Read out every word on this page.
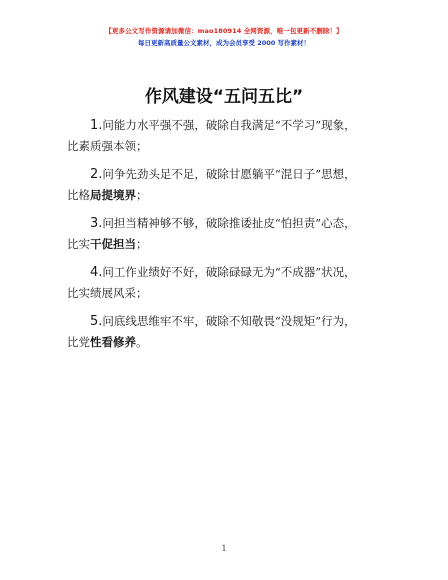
【更多公文写作资源请加微信：mao180914 全网资源，唯一包更新不删除！】
每日更新高质量公文素材，成为会员享受 2000 写作素材！
作风建设“五问五比”

1.问能力水平强不强，破除自我满足“不学习”现象，比素质强本领；

2.问争先劲头足不足，破除甘愿躺平“混日子”思想，比格局提境界；

3.问担当精神够不够，破除推诿扯皮“怕担责”心态，比实干促担当；

4.问工作业绩好不好，破除碌碌无为“不成器”状况，比实绩展风采；

5.问底线思维牢不牢，破除不知敬畏“没规矩”行为，比党性看修养。

1
